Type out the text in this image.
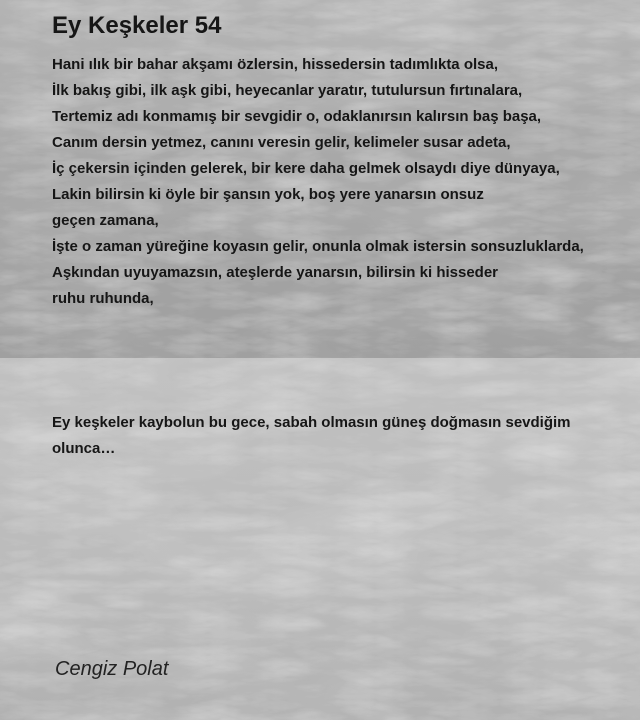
Ey Keşkeler 54
Hani ılık bir bahar akşamı özlersin, hissedersin tadımlıkta olsa,
İlk bakış gibi, ilk aşk gibi, heyecanlar yaratır, tutulursun fırtınalara,
Tertemiz adı konmamış bir sevgidir o, odaklanırsın kalırsın baş başa,
Canım dersin yetmez, canını veresin gelir, kelimeler susar adeta,
İç çekersin içinden gelerek, bir kere daha gelmek olsaydı diye dünyaya,
Lakin bilirsin ki öyle bir şansın yok, boş yere yanarsın onsuz
geçen zamana,
İşte o zaman yüreğine koyasın gelir, onunla olmak istersin sonsuzluklarda,
Aşkından uyuyamazsın, ateşlerde yanarsın, bilirsin ki hisseder
ruhu ruhunda,
Ey keşkeler kaybolun bu gece, sabah olmasın güneş doğmasın sevdiğim
olunca…
Cengiz Polat
